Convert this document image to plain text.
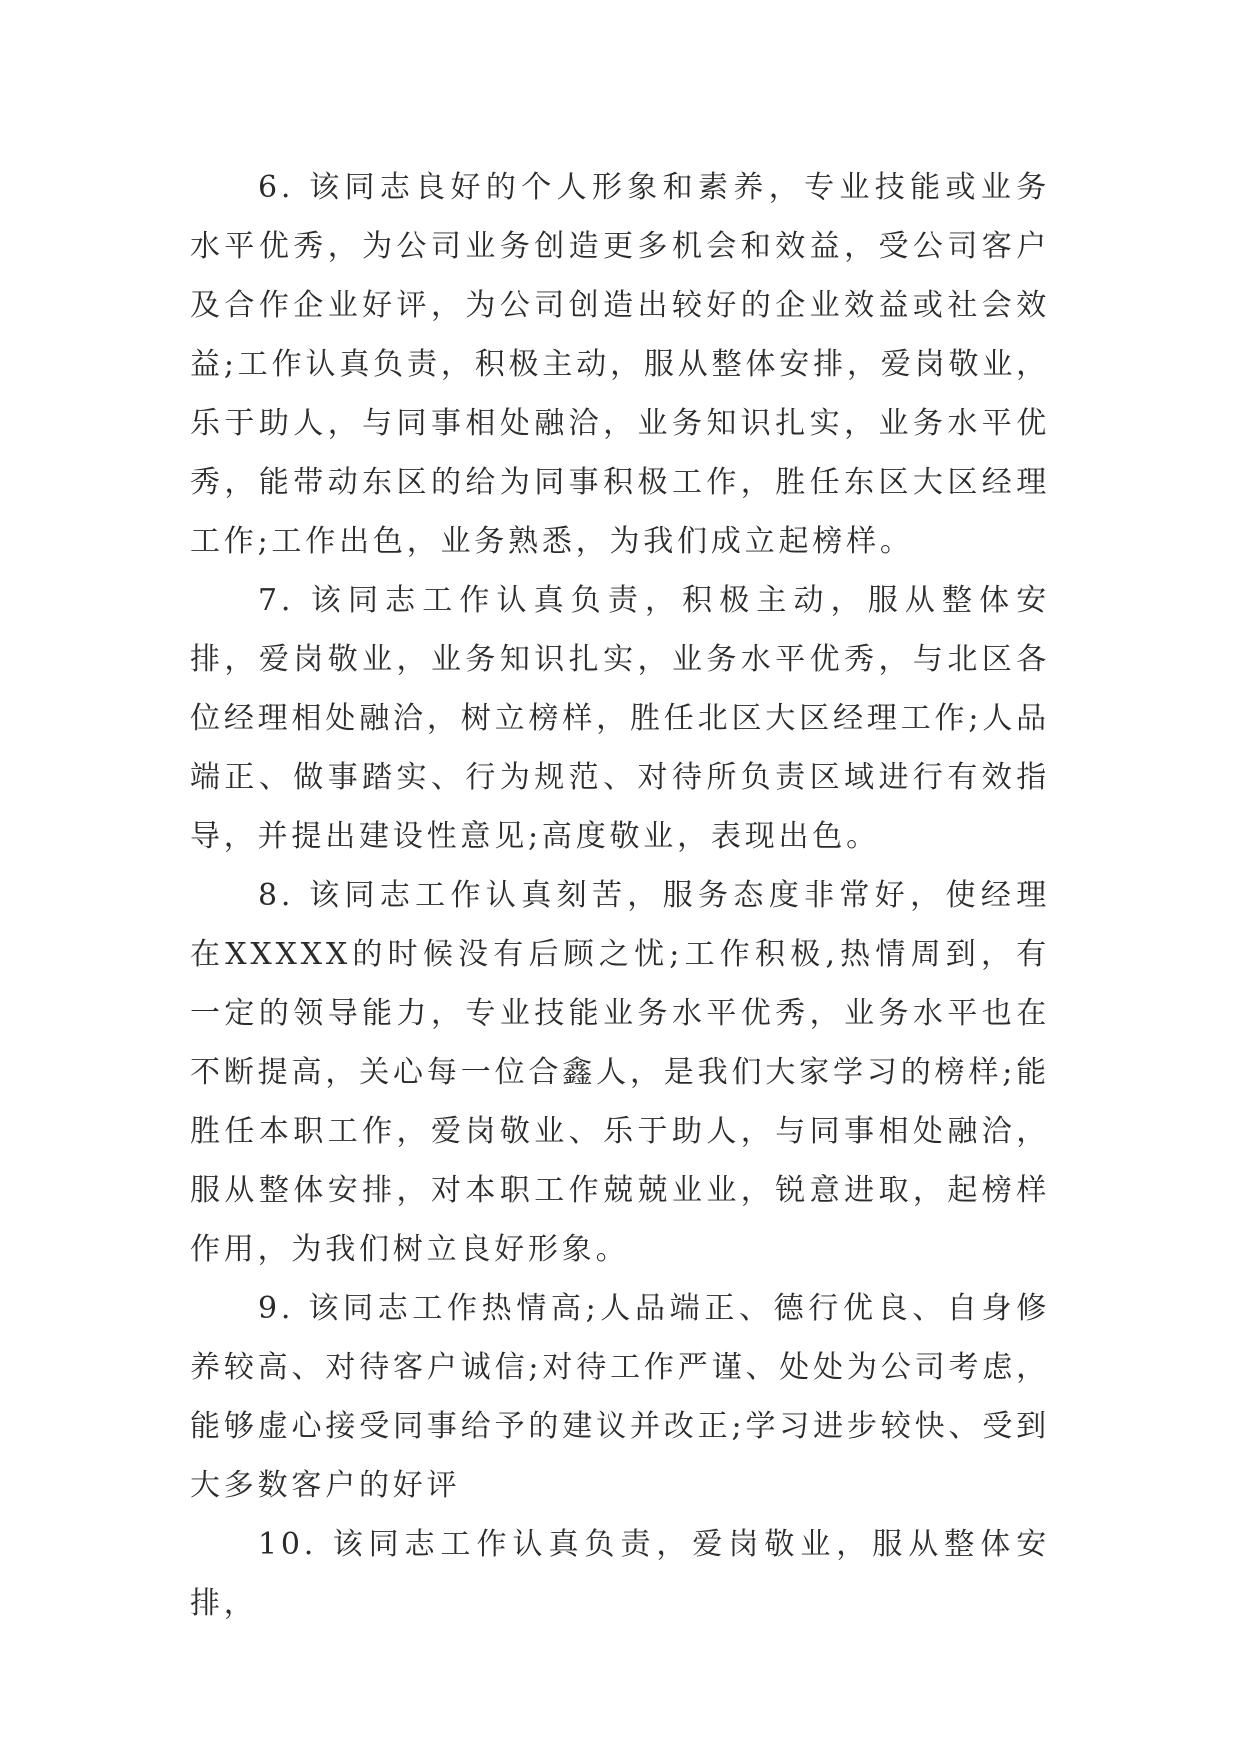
6. 该同志良好的个人形象和素养，专业技能或业务水平优秀，为公司业务创造更多机会和效益，受公司客户及合作企业好评，为公司创造出较好的企业效益或社会效益;工作认真负责，积极主动，服从整体安排，爱岗敬业，乐于助人，与同事相处融洽，业务知识扎实，业务水平优秀，能带动东区的给为同事积极工作，胜任东区大区经理工作;工作出色，业务熟悉，为我们成立起榜样。

7. 该同志工作认真负责，积极主动，服从整体安排，爱岗敬业，业务知识扎实，业务水平优秀，与北区各位经理相处融洽，树立榜样，胜任北区大区经理工作;人品端正、做事踏实、行为规范、对待所负责区域进行有效指导，并提出建设性意见;高度敬业，表现出色。

8. 该同志工作认真刻苦，服务态度非常好，使经理在XXXXX的时候没有后顾之忧;工作积极,热情周到，有一定的领导能力，专业技能业务水平优秀，业务水平也在不断提高，关心每一位合鑫人，是我们大家学习的榜样;能胜任本职工作，爱岗敬业、乐于助人，与同事相处融洽，服从整体安排，对本职工作兢兢业业，锐意进取，起榜样作用，为我们树立良好形象。

9. 该同志工作热情高;人品端正、德行优良、自身修养较高、对待客户诚信;对待工作严谨、处处为公司考虑，能够虚心接受同事给予的建议并改正;学习进步较快、受到大多数客户的好评

10. 该同志工作认真负责，爱岗敬业，服从整体安排，
